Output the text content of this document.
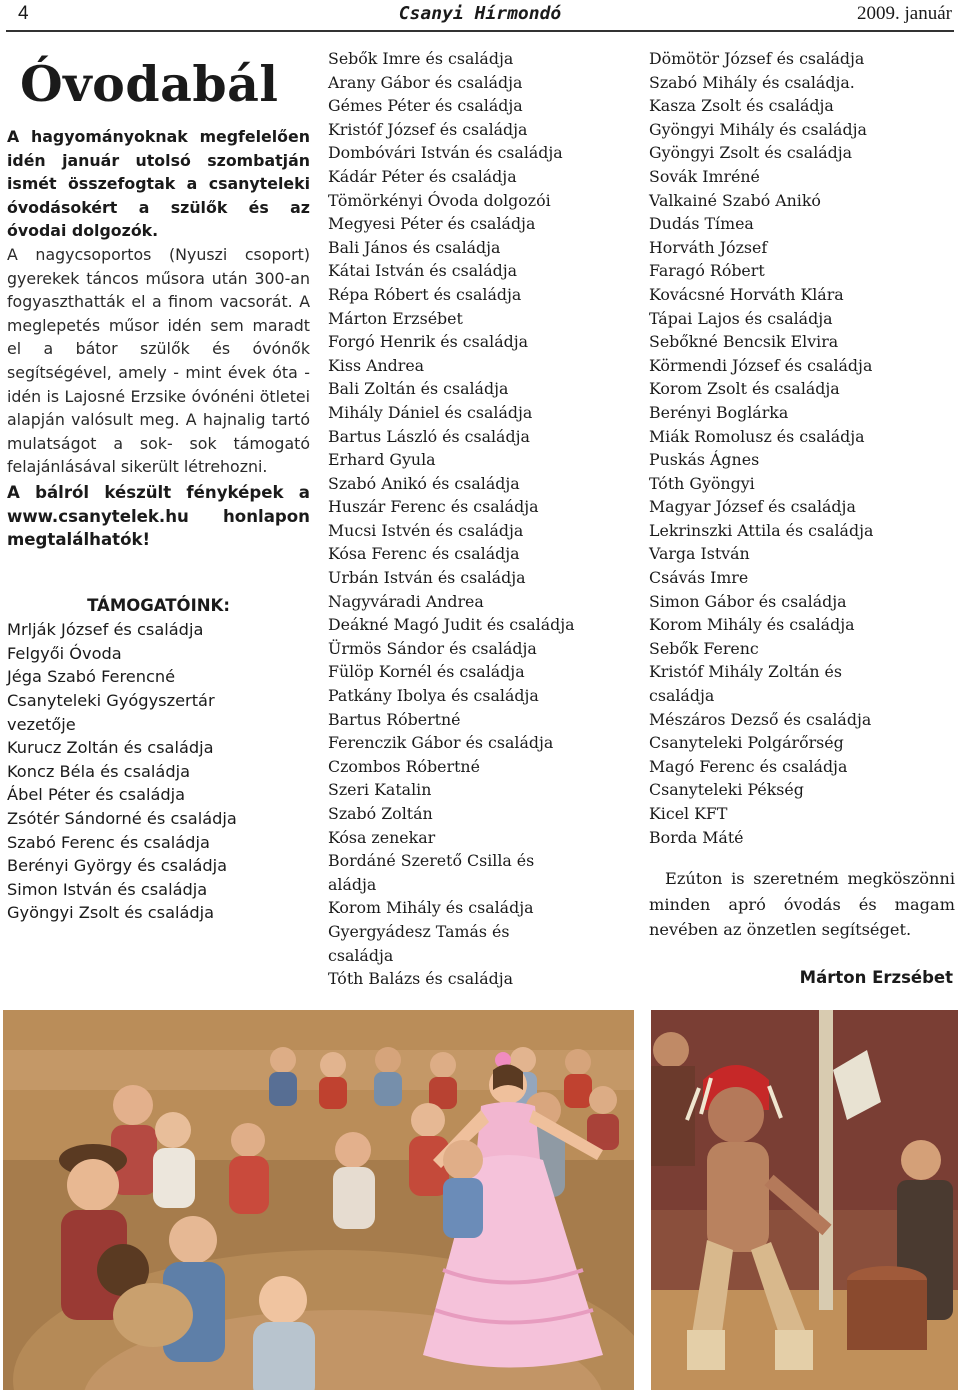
4	Csanyi Hírmondó	2009. január
Óvodabál

A hagyományoknak megfelelően idén január utolsó szombatján ismét összefogtak a csanyteleki óvodásokért a szülők és az óvodai dolgozók.

A nagycsoportos (Nyuszi csoport) gyerekek táncos műsora után 300-an fogyaszthatták el a finom vacsorát. A meglepetés műsor idén sem maradt el a bátor szülők és óvónők segítségével, amely - mint évek óta - idén is Lajosné Erzsike óvónéni ötletei alapján valósult meg. A hajnalig tartó mulatságot a sok- sok támogató felajánlásával sikerült létrehozni.

A bálról készült fényképek a www.csanytelek.hu honlapon megtalálhatók!

TÁMOGATÓINK:

Mrlják József és családja
Felgyői Óvoda
Jéga Szabó Ferencné
Csanyteleki Gyógyszertár
vezetője
Kurucz Zoltán és családja
Koncz Béla és családja
Ábel Péter és családja
Zsótér Sándorné és családja
Szabó Ferenc és családja
Berényi György és családja
Simon István és családja
Gyöngyi Zsolt és családja
Sebők Imre és családja
Arany Gábor és családja
Gémes Péter és családja
Kristóf József és családja
Dombóvári István és családja
Kádár Péter és családja
Tömörkényi Óvoda dolgozói
Megyesi Péter és családja
Bali János és családja
Kátai István és családja
Répa Róbert és családja
Márton Erzsébet
Forgó Henrik és családja
Kiss Andrea
Bali Zoltán és családja
Mihály Dániel és családja
Bartus László és családja
Erhard Gyula
Szabó Anikó és családja
Huszár Ferenc és családja
Mucsi Istvén és családja
Kósa Ferenc és családja
Urbán István és családja
Nagyváradi Andrea
Deákné Magó Judit és családja
Ürmös Sándor és családja
Fülöp Kornél és családja
Patkány Ibolya és családja
Bartus Róbertné
Ferenczik Gábor és családja
Czombos Róbertné
Szeri Katalin
Szabó Zoltán
Kósa zenekar
Bordáné Szerető Csilla és
aládja
Korom Mihály és családja
Gyergyádesz Tamás és
családja
Tóth Balázs és családja
Dömötör József és családja
Szabó Mihály és családja.
Kasza Zsolt és családja
Gyöngyi Mihály és családja
Gyöngyi Zsolt és családja
Sovák Imréné
Valkainé Szabó Anikó
Dudás Tímea
Horváth József
Faragó Róbert
Kovácsné Horváth Klára
Tápai Lajos és családja
Sebőkné Bencsik Elvira
Körmendi József és családja
Korom Zsolt és családja
Berényi Boglárka
Miák Romolusz és családja
Puskás Ágnes
Tóth Gyöngyi
Magyar József és családja
Lekrinszki Attila és családja
Varga István
Csávás Imre
Simon Gábor és családja
Korom Mihály és családja
Sebők Ferenc
Kristóf Mihály Zoltán és
családja
Mészáros Dezső és családja
Csanyteleki Polgárőrség
Magó Ferenc és családja
Csanyteleki Pékség
Kicel KFT
Borda Máté

Ezúton is szeretném megköszönni minden apró óvodás és magam nevében az önzetlen segítséget.

Márton Erzsébet
